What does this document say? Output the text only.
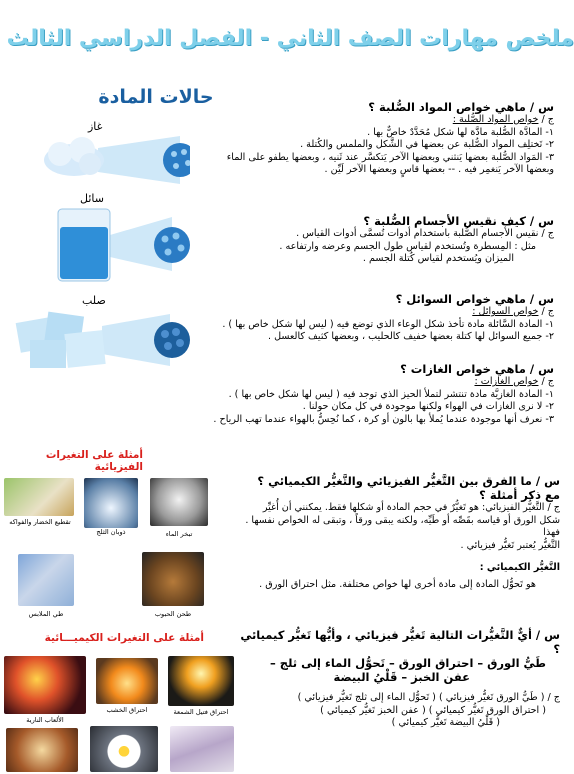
ملخص مهارات الصف الثاني - الفصل الدراسي الثالث
حالات المادة
غاز
سائل
صلب
س / ماهي خواص المواد الصُّلبة ؟
ج / خواص المواد الصُّلبة :
١- المادَّة الصُّلبة مادَّة لها شكل مُحَدَّدٌ خاصٌّ بها .
٢- تَختلِف المواد الصُّلبة عن بعضها في الشَّكل والملمس والكُتلة .
٣- المَواد الصُّلبة بعضها يَنثني وبعضها الآخر يَتكسَّر عند ثَنيه ، وبعضها يطفو على الماء
وبعضها الآخر يَنغمِر فيه . -- بعضها قاسٍ وبعضها الآخر لَيِّن .
س / كيف نقيس الأجسام الصُّلبة ؟
ج / نقيس الأجسام الصُّلبة باستخدام أدوات تُسمَّى أدوات القياس .
مثل : المِسطرة وتُستخدم لقياس طول الجسم وعرضه وارتفاعه .
الميزان ويُستخدم لقياس كُتلة الجسم .
س / ماهي خواص السوائل ؟
ج / خواص السوائل :
١- المادة السَّائلة مادة تأخذ شكل الوعاء الذي توضع فيه ( ليس لها شكل خاص بها ) .
٢- جميع السوائل لها كتلة بعضها خفيف كالحليب ، وبعضها كثيف كالعسل .
س / ماهي خواص الغازات ؟
ج / خواص الغازات :
١- المادة الغازيَّة مادة تنتشر لتملأ الحيز الذي توجد فيه ( ليس لها شكل خاص بها ) .
٢- لا نرى الغازات في الهواء ولكنها موجودة في كل مكان حولنا .
٣- نعرف أنها موجودة عندما يُملأ بها بالون أو كرة ، كما نُحِسُّ بالهواء عندما تهب الرياح .
أمثلة على التغيرات الفيزيائية
تقطيع الخضار والفواكه
ذوبان الثلج	تبخر الماء
طي الملابس	طحن الحبوب
أمثلة على التغيرات الكيميـــائية
الألعاب النارية
احتراق الخشب	احتراق فتيل الشمعة
س / ما الفرق بين التَّغيُّر الفيزيائي والتَّغيُّر الكيميائي ؟ مع ذكر أمثلة ؟
ج / التَّغيُّر الفيزيائي: هو تَغيُّرٌ في حجم المادة أو شكلها فقط. يمكنني أن أُغيِّر
شكل الورق أو قياسه بقَصِّه أو طَيِّه، ولكنه يبقى ورقاً ، وتبقى له الخواص نفسها . فهذا
التَّغيُّر يُعتبر تَغيُّر فيزيائي .
التَّغيُّر الكيميائي :
هو تَحوُّل المادة إلى مادة أخرى لها خواص مختلفة. مثل احتراق الورق .
س / أيٌّ التَّغيُّرات التالية تَغيُّر فيزيائي ، وأيُّها تَغيُّر كيميائي ؟
طَيُّ الورق – احتراق الورق – تَحوُّل الماء إلى ثلج –
عفن الخبز – قَلْيُ البيضة
ج / ( طَيُّ الورق تَغيُّر فيزيائي ) ( تَحوُّل الماء إلى ثلج تَغيُّر فيزيائي )
( احتراق الورق تَغيُّر كيميائي ) ( عفن الخبز تَغيُّر كيميائي )
( قَلْيُ البيضة تَغيُّر كيميائي )
